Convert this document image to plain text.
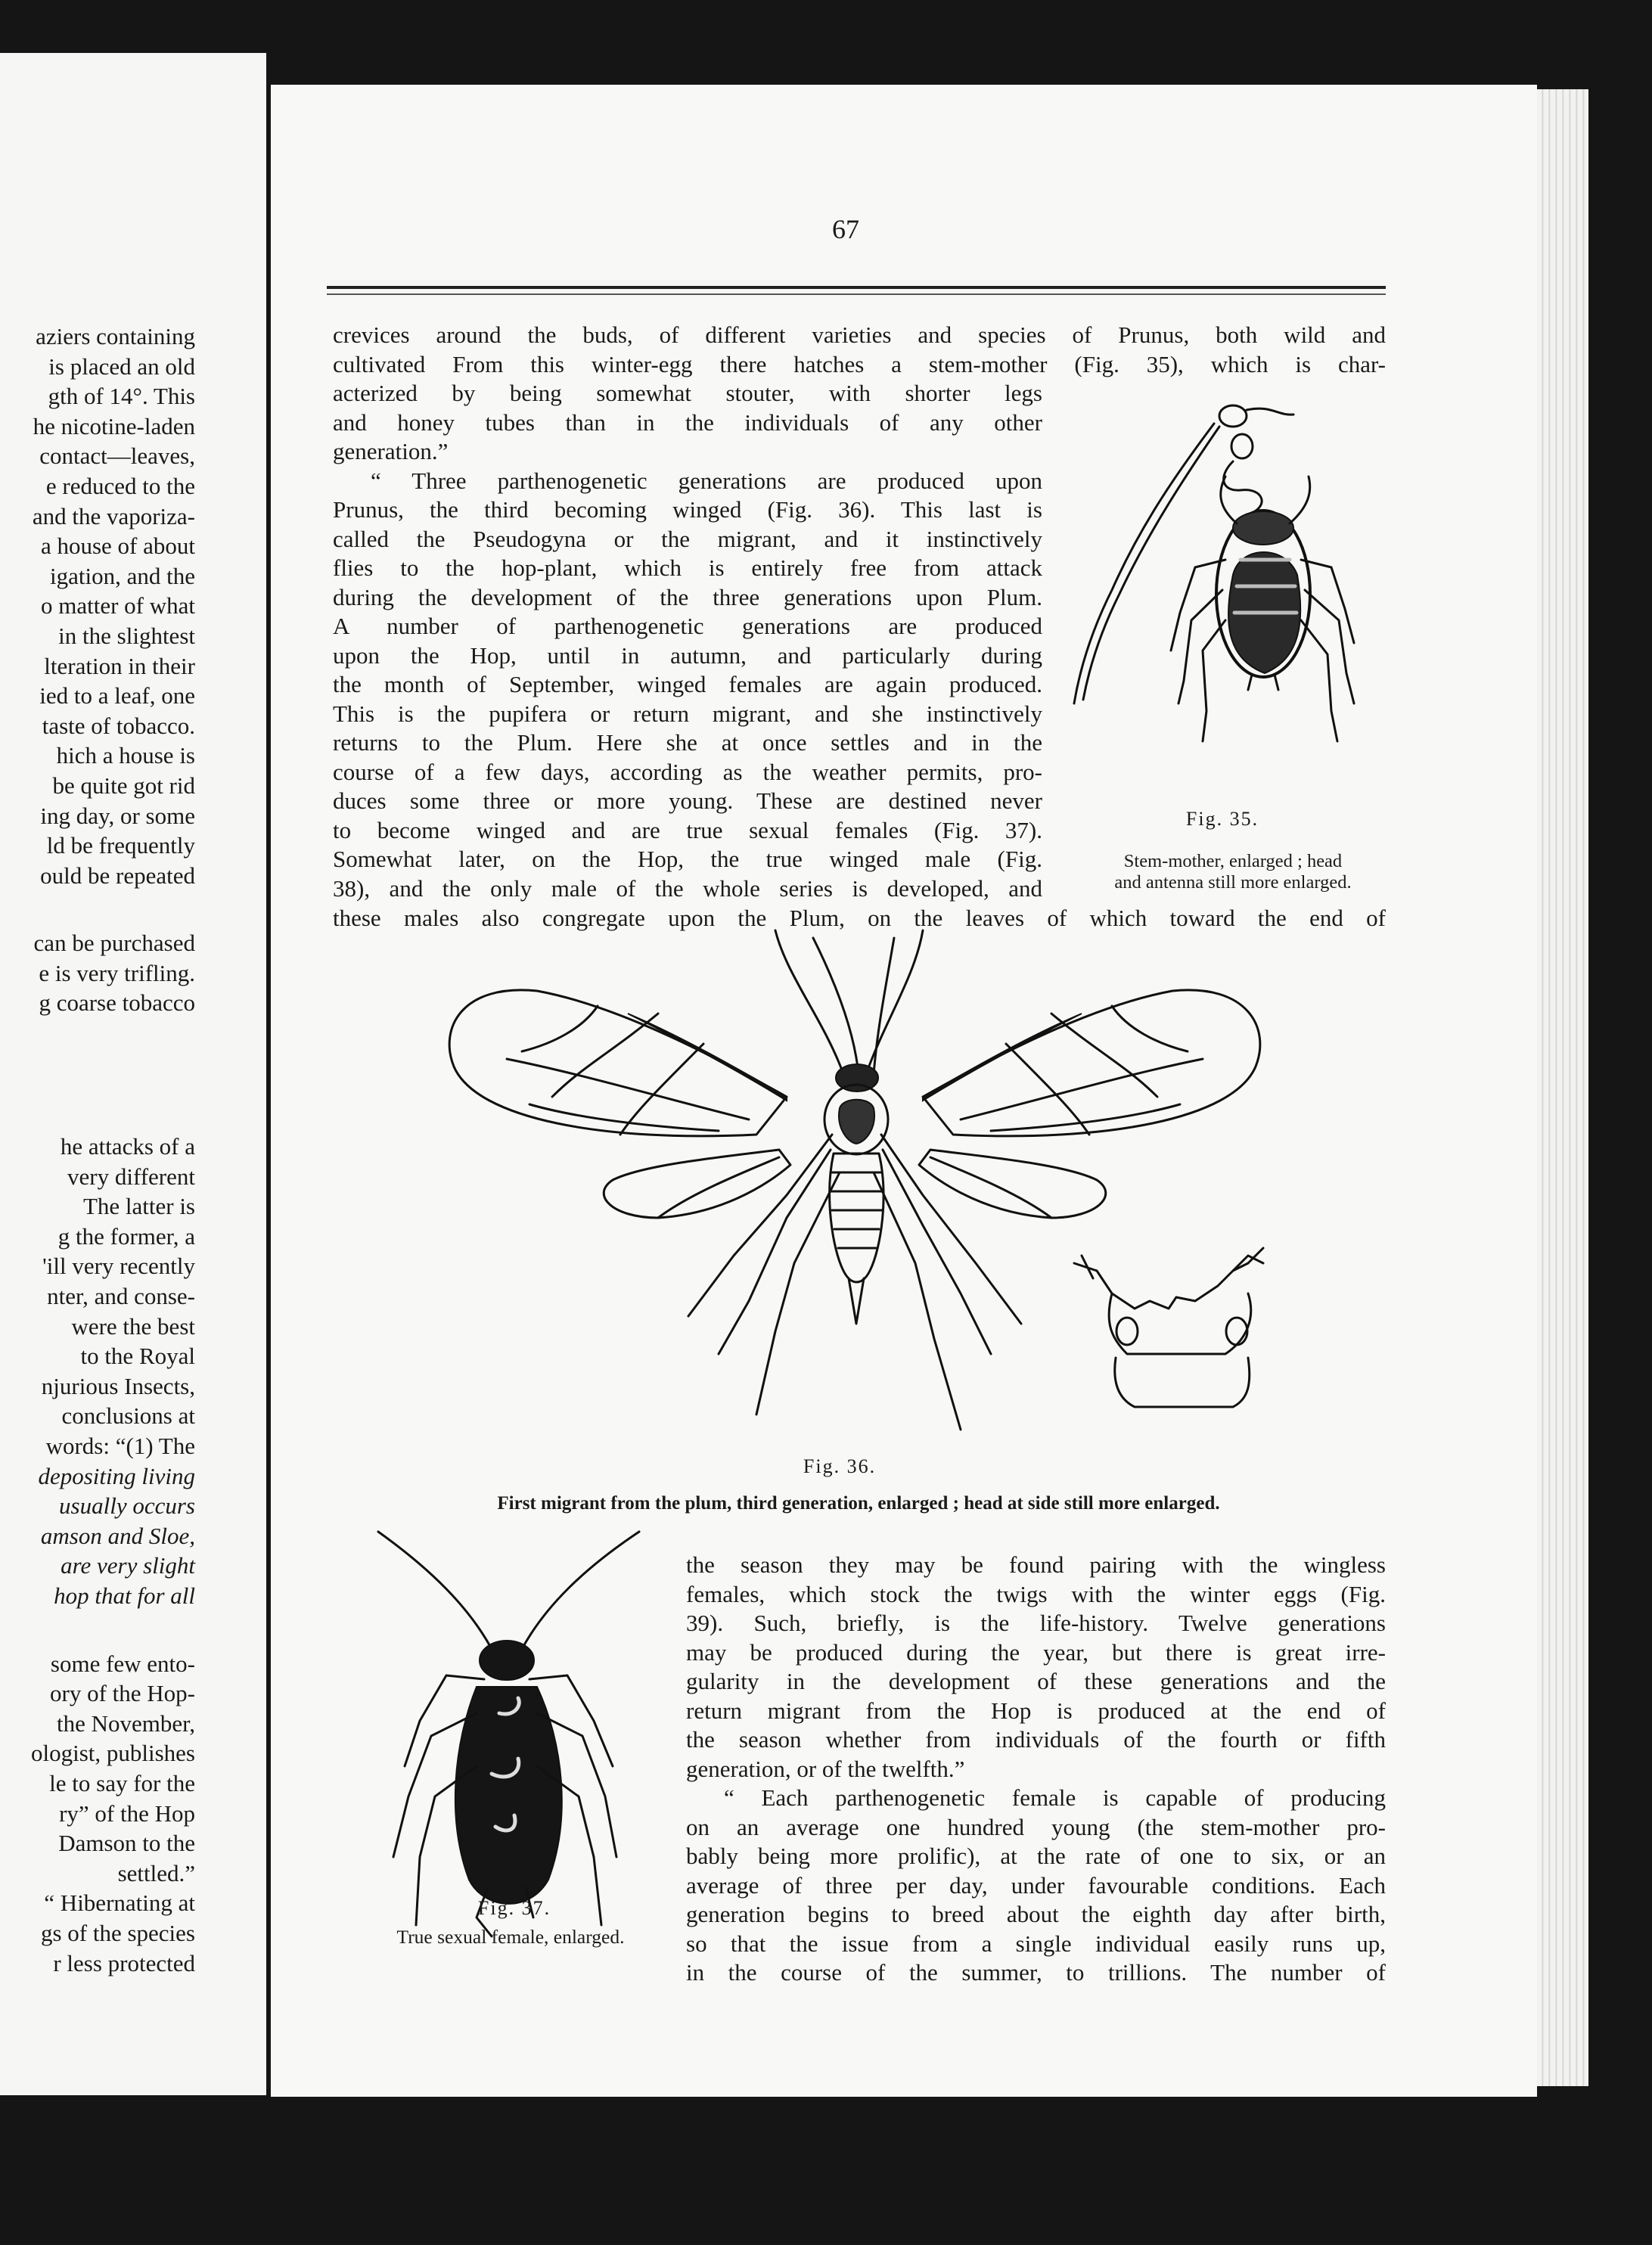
aziers containing
is placed an old
gth of 14°. This
he nicotine-laden
contact—leaves,
e reduced to the
and the vaporiza-
a house of about
igation, and the
o matter of what
in the slightest
lteration in their
ied to a leaf, one
taste of tobacco.
hich a house is
be quite got rid
ing day, or some
ld be frequently
ould be repeated
can be purchased
e is very trifling.
g coarse tobacco
he attacks of a
very different
The latter is
g the former, a
'ill very recently
nter, and conse-
were the best
to the Royal
njurious Insects,
conclusions at
words: “(1) The
depositing living
usually occurs
amson and Sloe,
are very slight
hop that for all
some few ento-
ory of the Hop-
the November,
ologist, publishes
le to say for the
ry” of the Hop
Damson to the
settled.”
“ Hibernating at
gs of the species
r less protected
67
crevices around the buds, of different varieties and species of Prunus, both wild and
cultivated From this winter-egg there hatches a stem-mother (Fig. 35), which is char-
acterized by being somewhat stouter, with shorter legs
and honey tubes than in the individuals of any other
generation.”
“ Three parthenogenetic generations are produced upon
Prunus, the third becoming winged (Fig. 36). This last is
called the Pseudogyna or the migrant, and it instinctively
flies to the hop-plant, which is entirely free from attack
during the development of the three generations upon Plum.
A number of parthenogenetic generations are produced
upon the Hop, until in autumn, and particularly during
the month of September, winged females are again produced.
This is the pupifera or return migrant, and she instinctively
returns to the Plum. Here she at once settles and in the
course of a few days, according as the weather permits, pro-
duces some three or more young. These are destined never
to become winged and are true sexual females (Fig. 37).
Somewhat later, on the Hop, the true winged male (Fig.
38), and the only male of the whole series is developed, and
these males also congregate upon the Plum, on the leaves of which toward the end of
Fig. 35.
Stem-mother, enlarged ; head
and antenna still more enlarged.
Fig. 36.
First migrant from the plum, third generation, enlarged ; head at side still more enlarged.
Fig. 37.
True sexual female, enlarged.
the season they may be found pairing with the wingless
females, which stock the twigs with the winter eggs (Fig.
39). Such, briefly, is the life-history. Twelve generations
may be produced during the year, but there is great irre-
gularity in the development of these generations and the
return migrant from the Hop is produced at the end of
the season whether from individuals of the fourth or fifth
generation, or of the twelfth.”
“ Each parthenogenetic female is capable of producing
on an average one hundred young (the stem-mother pro-
bably being more prolific), at the rate of one to six, or an
average of three per day, under favourable conditions. Each
generation begins to breed about the eighth day after birth,
so that the issue from a single individual easily runs up,
in the course of the summer, to trillions. The number of
